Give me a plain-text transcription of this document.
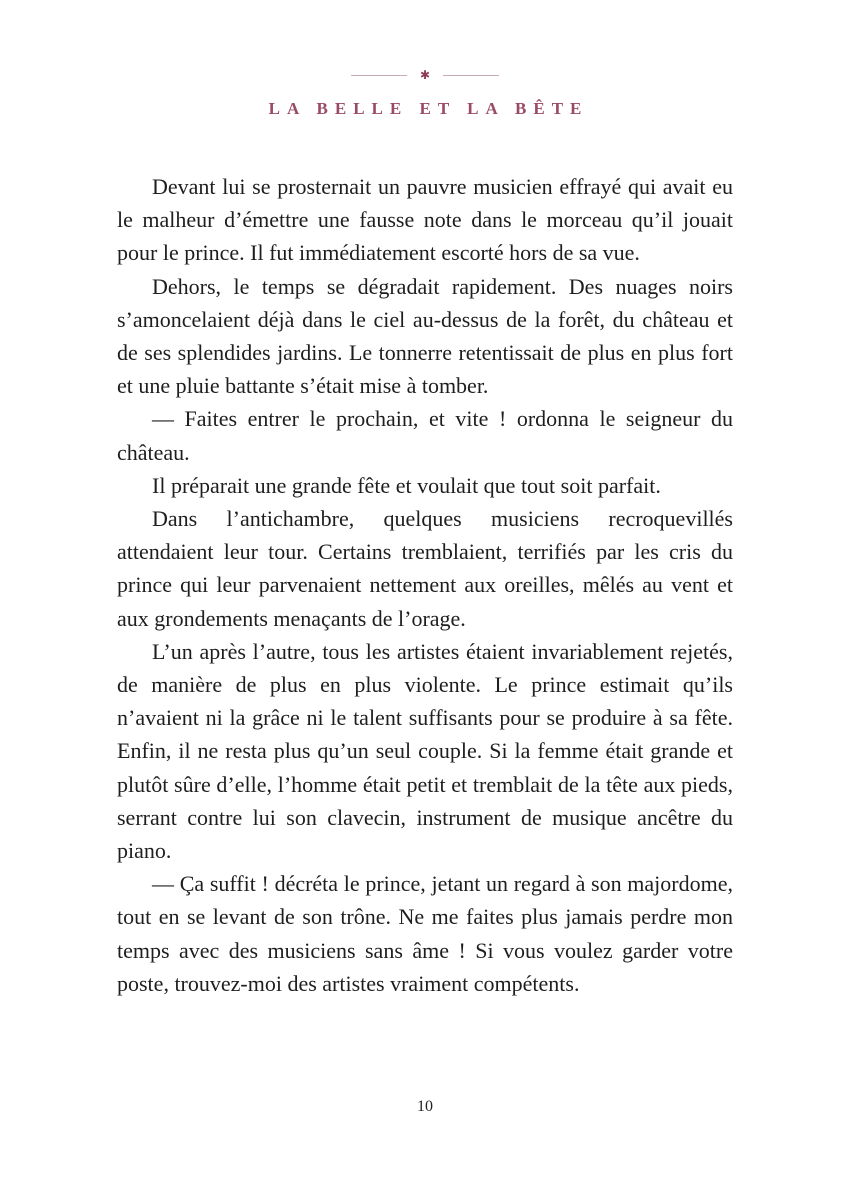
✱
LA BELLE ET LA BÊTE

Devant lui se prosternait un pauvre musicien effrayé qui avait eu le malheur d’émettre une fausse note dans le morceau qu’il jouait pour le prince. Il fut immédiatement escorté hors de sa vue.

Dehors, le temps se dégradait rapidement. Des nuages noirs s’amoncelaient déjà dans le ciel au-dessus de la forêt, du château et de ses splendides jardins. Le tonnerre retentissait de plus en plus fort et une pluie battante s’était mise à tomber.

— Faites entrer le prochain, et vite ! ordonna le seigneur du château.

Il préparait une grande fête et voulait que tout soit parfait.

Dans l’antichambre, quelques musiciens recroquevillés attendaient leur tour. Certains tremblaient, terrifiés par les cris du prince qui leur parvenaient nettement aux oreilles, mêlés au vent et aux grondements menaçants de l’orage.

L’un après l’autre, tous les artistes étaient invariablement rejetés, de manière de plus en plus violente. Le prince estimait qu’ils n’avaient ni la grâce ni le talent suffisants pour se produire à sa fête. Enfin, il ne resta plus qu’un seul couple. Si la femme était grande et plutôt sûre d’elle, l’homme était petit et tremblait de la tête aux pieds, serrant contre lui son clavecin, instrument de musique ancêtre du piano.

— Ça suffit ! décréta le prince, jetant un regard à son majordome, tout en se levant de son trône. Ne me faites plus jamais perdre mon temps avec des musiciens sans âme ! Si vous voulez garder votre poste, trouvez-moi des artistes vraiment compétents.

10
